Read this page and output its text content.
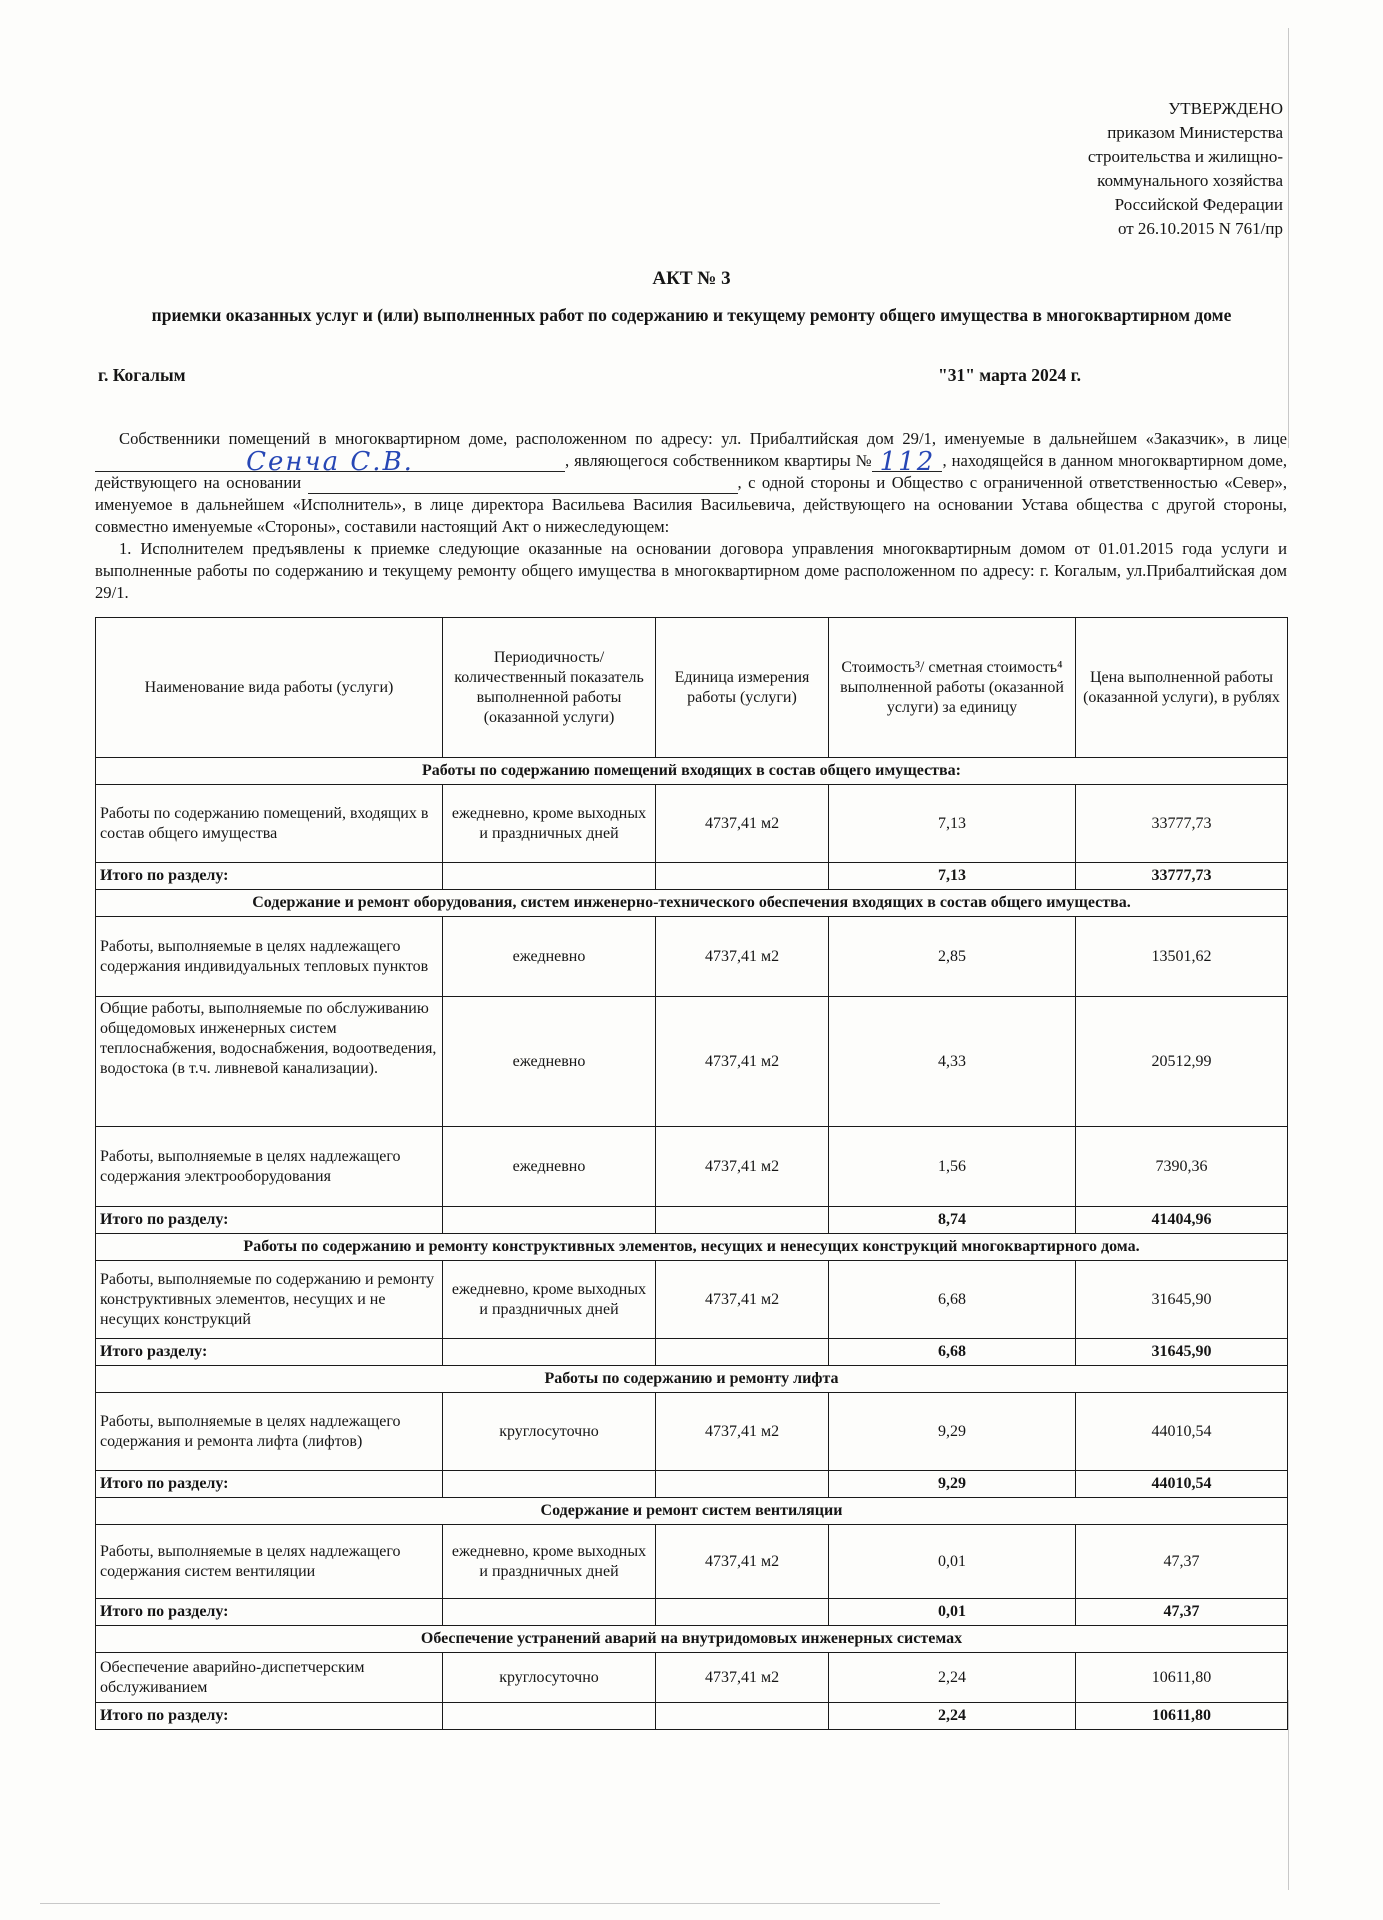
УТВЕРЖДЕНО
приказом Министерства
строительства и жилищно-
коммунального хозяйства
Российской Федерации
от 26.10.2015 N 761/пр
АКТ № 3
приемки оказанных услуг и (или) выполненных работ по содержанию и текущему ремонту общего имущества в многоквартирном доме
г. Когалым	"31" марта 2024 г.

Собственники помещений в многоквартирном доме, расположенном по адресу: ул. Прибалтийская дом 29/1, именуемые в дальнейшем «Заказчик», в лице
Сенча С.В.	, являющегося собственником квартиры № 112 , находящейся в данном многоквартирном доме, действующего на основании	, с одной стороны и Общество с ограниченной ответственностью «Север», именуемое в дальнейшем «Исполнитель», в лице директора Васильева Василия Васильевича, действующего на основании Устава общества с другой стороны, совместно именуемые «Стороны», составили настоящий Акт о нижеследующем:

1. Исполнителем предъявлены к приемке следующие оказанные на основании договора управления многоквартирным домом от 01.01.2015 года услуги и выполненные работы по содержанию и текущему ремонту общего имущества в многоквартирном доме расположенном по адресу: г. Когалым, ул.Прибалтийская дом 29/1.

Наименование вида работы (услуги)	Периодичность/ количественный показатель выполненной работы (оказанной услуги)	Единица измерения работы (услуги)	Стоимость³/ сметная стоимость⁴ выполненной работы (оказанной услуги) за единицу	Цена выполненной работы (оказанной услуги), в рублях
Работы по содержанию помещений входящих в состав общего имущества:				
Работы по содержанию помещений, входящих в состав общего имущества	ежедневно, кроме выходных и праздничных дней	4737,41 м2	7,13	33777,73
Итого по разделу:			7,13	33777,73
Содержание и ремонт оборудования, систем инженерно-технического обеспечения входящих в состав общего имущества.				
Работы, выполняемые в целях надлежащего содержания индивидуальных тепловых пунктов	ежедневно	4737,41 м2	2,85	13501,62
Общие работы, выполняемые по обслуживанию общедомовых инженерных систем теплоснабжения, водоснабжения, водоотведения, водостока (в т.ч. ливневой канализации).	ежедневно	4737,41 м2	4,33	20512,99
Работы, выполняемые в целях надлежащего содержания электрооборудования	ежедневно	4737,41 м2	1,56	7390,36
Итого по разделу:			8,74	41404,96
Работы по содержанию и ремонту конструктивных элементов, несущих и ненесущих конструкций многоквартирного дома.				
Работы, выполняемые по содержанию и ремонту конструктивных элементов, несущих и не несущих конструкций	ежедневно, кроме выходных и праздничных дней	4737,41 м2	6,68	31645,90
Итого разделу:			6,68	31645,90
Работы по содержанию и ремонту лифта				
Работы, выполняемые в целях надлежащего содержания и ремонта лифта (лифтов)	круглосуточно	4737,41 м2	9,29	44010,54
Итого по разделу:			9,29	44010,54
Содержание и ремонт систем вентиляции				
Работы, выполняемые в целях надлежащего содержания систем вентиляции	ежедневно, кроме выходных и праздничных дней	4737,41 м2	0,01	47,37
Итого по разделу:			0,01	47,37
Обеспечение устранений аварий на внутридомовых инженерных системах				
Обеспечение аварийно-диспетчерским обслуживанием	круглосуточно	4737,41 м2	2,24	10611,80
Итого по разделу:			2,24	10611,80
